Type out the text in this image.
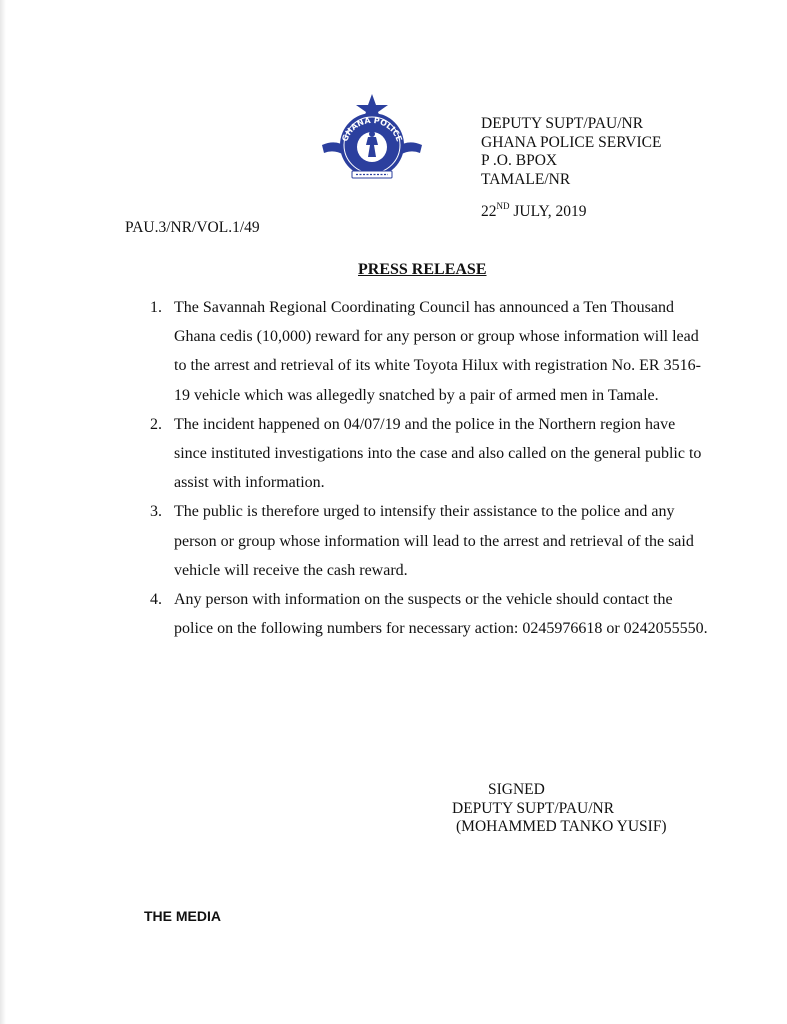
GHANA POLICE
DEPUTY SUPT/PAU/NR
GHANA POLICE SERVICE
P .O. BPOX
TAMALE/NR
22ND JULY, 2019
PAU.3/NR/VOL.1/49
PRESS RELEASE
1. The Savannah Regional Coordinating Council has announced a Ten Thousand Ghana cedis (10,000) reward for any person or group whose information will lead to the arrest and retrieval of its white Toyota Hilux with registration No. ER 3516-19 vehicle which was allegedly snatched by a pair of armed men in Tamale.
2. The incident happened on 04/07/19 and the police in the Northern region have since instituted investigations into the case and also called on the general public to assist with information.
3. The public is therefore urged to intensify their assistance to the police and any person or group whose information will lead to the arrest and retrieval of the said vehicle will receive the cash reward.
4. Any person with information on the suspects or the vehicle should contact the police on the following numbers for necessary action: 0245976618 or 0242055550.
SIGNED
DEPUTY SUPT/PAU/NR
(MOHAMMED TANKO YUSIF)
THE MEDIA
